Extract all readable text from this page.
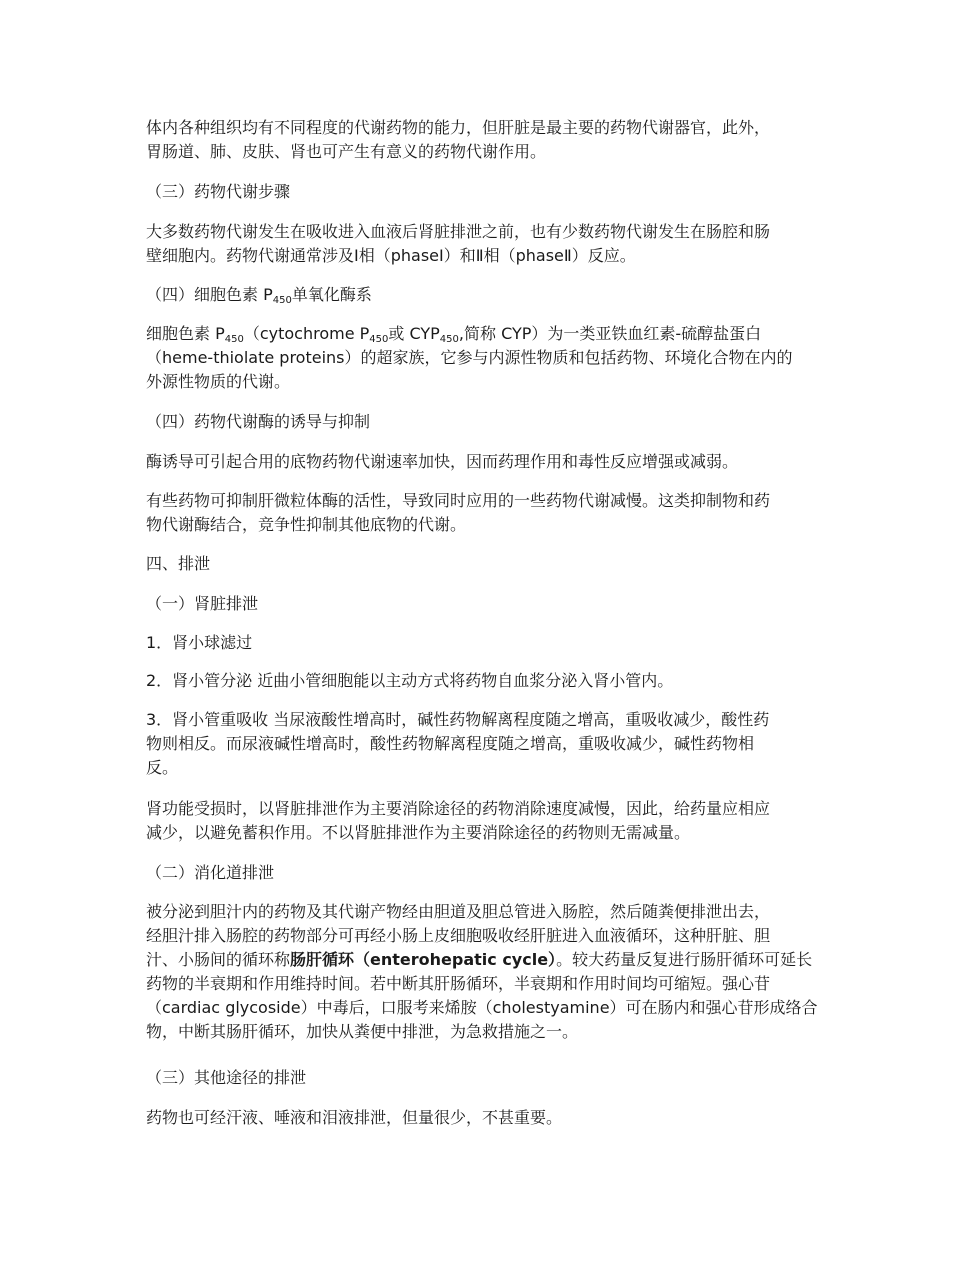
体内各种组织均有不同程度的代谢药物的能力，但肝脏是最主要的药物代谢器官，此外，

胃肠道、肺、皮肤、肾也可产生有意义的药物代谢作用。

（三）药物代谢步骤

大多数药物代谢发生在吸收进入血液后肾脏排泄之前，也有少数药物代谢发生在肠腔和肠

壁细胞内。药物代谢通常涉及Ⅰ相（phaseⅠ）和Ⅱ相（phaseⅡ）反应。

（四）细胞色素 $P_{450}$单氧化酶系

细胞色素 $P_{450}(cytochrome$ $P_{450}$或 $CYP_{450}$,简称 CYP）为一类亚铁血红素-硫醇盐蛋白

（heme-thiolate proteins）的超家族，它参与内源性物质和包括药物、环境化合物在内的

外源性物质的代谢。

（四）药物代谢酶的诱导与抑制

酶诱导可引起合用的底物药物代谢速率加快，因而药理作用和毒性反应增强或减弱。

有些药物可抑制肝微粒体酶的活性，导致同时应用的一些药物代谢减慢。这类抑制物和药

物代谢酶结合，竞争性抑制其他底物的代谢。

四、排泄

（一）肾脏排泄

1．肾小球滤过

2．肾小管分泌 近曲小管细胞能以主动方式将药物自血浆分泌入肾小管内。

3．肾小管重吸收 当尿液酸性增高时，碱性药物解离程度随之增高，重吸收减少，酸性药

物则相反。而尿液碱性增高时，酸性药物解离程度随之增高，重吸收减少，碱性药物相

反。

肾功能受损时，以肾脏排泄作为主要消除途径的药物消除速度减慢，因此，给药量应相应

减少，以避免蓄积作用。不以肾脏排泄作为主要消除途径的药物则无需减量。

（二）消化道排泄

被分泌到胆汁内的药物及其代谢产物经由胆道及胆总管进入肠腔，然后随粪便排泄出去，

经胆汁排入肠腔的药物部分可再经小肠上皮细胞吸收经肝脏进入血液循环，这种肝脏、胆

汁、小肠间的循环称肠肝循环（enterohepatic cycle）。较大药量反复进行肠肝循环可延长

药物的半衰期和作用维持时间。若中断其肝肠循环，半衰期和作用时间均可缩短。强心苷

（cardiac glycoside）中毒后，口服考来烯胺（cholestyamine）可在肠内和强心苷形成络合

物，中断其肠肝循环，加快从粪便中排泄，为急救措施之一。

（三）其他途径的排泄

药物也可经汗液、唾液和泪液排泄，但量很少，不甚重要。
